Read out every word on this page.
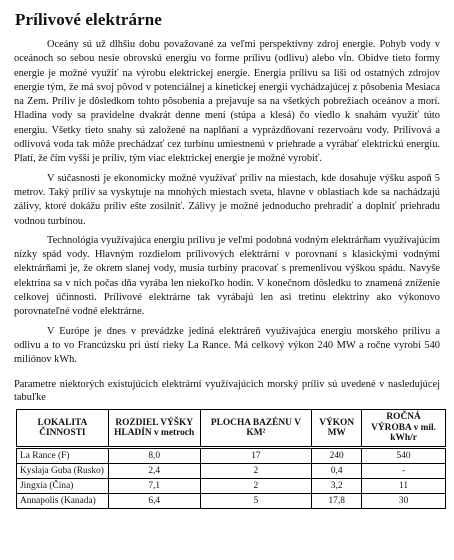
Prílivové elektrárne

Oceány sú už dlhšiu dobu považované za veľmi perspektívny zdroj energie. Pohyb vody v oceánoch so sebou nesie obrovskú energiu vo forme prílivu (odlivu) alebo vĺn. Obidve tieto formy energie je možné využiť na výrobu elektrickej energie. Energia prílivu sa líši od ostatných zdrojov energie tým, že má svoj pôvod v potenciálnej a kinetickej energii vychádzajúcej z pôsobenia Mesiaca na Zem. Príliv je dôsledkom tohto pôsobenia a prejavuje sa na všetkých pobrežiach oceánov a morí. Hladina vody sa pravidelne dvakrát denne mení (stúpa a klesá) čo viedlo k snahám využiť túto energiu. Všetky tieto snahy sú založené na naplňaní a vyprázdňovaní rezervoáru vody. Prílivová a odlivová voda tak môže prechádzať cez turbínu umiestnenú v priehrade a vyrábať elektrickú energiu. Platí, že čím vyšší je príliv, tým viac elektrickej energie je možné vyrobiť.

V súčasnosti je ekonomicky možné využívať príliv na miestach, kde dosahuje výšku aspoň 5 metrov. Taký príliv sa vyskytuje na mnohých miestach sveta, hlavne v oblastiach kde sa nachádzajú zálivy, ktoré dokážu príliv ešte zosilniť. Zálivy je možné jednoducho prehradiť a doplniť priehradu vodnou turbínou.

Technológia využívajúca energiu prílivu je veľmi podobná vodným elektrárňam využívajúcim nízky spád vody. Hlavným rozdielom prílivových elektrární v porovnaní s klasickými vodnými elektrárňami je, že okrem slanej vody, musia turbíny pracovať s premenlivou výškou spádu. Navyše elektrina sa v nich počas dňa vyrába len niekoľko hodín. V konečnom dôsledku to znamená zníženie celkovej účinnosti. Prílivové elektrárne tak vyrábajú len asi tretinu elektriny ako výkonovo porovnateľné vodné elektrárne.

V Európe je dnes v prevádzke jediná elektráreň využívajúca energiu morského prílivu a odlivu a to vo Francúzsku pri ústí rieky La Rance. Má celkový výkon 240 MW a ročne vyrobí 540 miliónov kWh.

Parametre niektorých existujúcich elektrární využívajúcich morský príliv sú uvedené v nasledujúcej tabuľke

LOKALITA ČINNOSTI	ROZDIEL VÝŠKY HLADÍN v metroch	PLOCHA BAZÉNU V KM²	VÝKON MW	ROČNÁ VÝROBA v mil. kWh/r
La Rance (F)	8,0	17	240	540
Kyslaja Guba (Rusko)	2,4	2	0,4	-
Jingxia (Čína)	7,1	2	3,2	11
Annapolis (Kanada)	6,4	5	17,8	30
